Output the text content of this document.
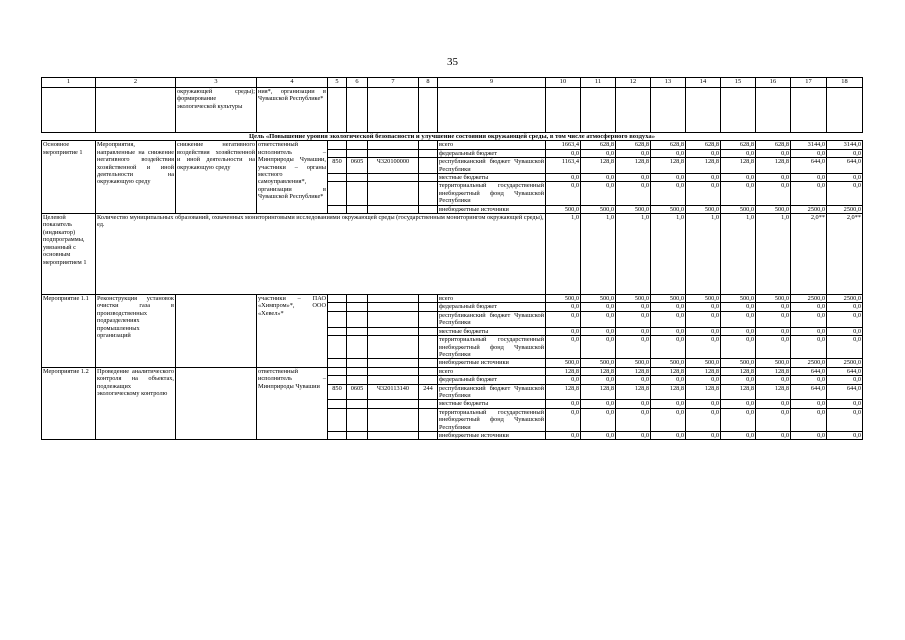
35
1	2	3	4	5	6	7	8	9	10	11	12	13	14	15	16	17	18
		окружающей среды); формирование экологической культуры	ния*, организации в Чувашской Республике*														
Цель «Повышение уровня экологической безопасности и улучшение состояния окружающей среды, в том числе атмосферного воздуха»																	
Основное мероприятие 1	Мероприятия, направленные на снижение негативного воздействия хозяйственной и иной деятельности на окружающую среду	снижение негативного воздействия хозяйственной и иной деятельности на окружающую среду	ответственный исполнитель – Минприроды Чувашии, участники – органы местного самоуправления*, организации в Чувашской Республике*					всего	1663,4	628,8	628,8	628,8	628,8	628,8	628,8	3144,0	3144,0
								федеральный бюджет	0,0	0,0	0,0	0,0	0,0	0,0	0,0	0,0	0,0
				850	0605	Ч320100000		республиканский бюджет Чувашской Республики	1163,4	128,8	128,8	128,8	128,8	128,8	128,8	644,0	644,0
								местные бюджеты	0,0	0,0	0,0	0,0	0,0	0,0	0,0	0,0	0,0
								территориальный государственный внебюджетный фонд Чувашской Республики	0,0	0,0	0,0	0,0	0,0	0,0	0,0	0,0	0,0
								внебюджетные источники	500,0	500,0	500,0	500,0	500,0	500,0	500,0	2500,0	2500,0
Целевой показатель (индикатор) подпрограммы, увязанный с основным мероприятием 1	Количество муниципальных образований, охваченных мониторинговыми исследованиями окружающей среды (государственным мониторингом окружающей среды), ед.								1,0	1,0	1,0	1,0	1,0	1,0	1,0	2,0**	2,0**
Мероприятие 1.1	Реконструкция установок очистки газа в производственных подразделениях промышленных организаций		участники – ПАО «Химпром»*, ООО «Хевел»*					всего	500,0	500,0	500,0	500,0	500,0	500,0	500,0	2500,0	2500,0
								федеральный бюджет	0,0	0,0	0,0	0,0	0,0	0,0	0,0	0,0	0,0
								республиканский бюджет Чувашской Республики	0,0	0,0	0,0	0,0	0,0	0,0	0,0	0,0	0,0
								местные бюджеты	0,0	0,0	0,0	0,0	0,0	0,0	0,0	0,0	0,0
								территориальный государственный внебюджетный фонд Чувашской Республики	0,0	0,0	0,0	0,0	0,0	0,0	0,0	0,0	0,0
								внебюджетные источники	500,0	500,0	500,0	500,0	500,0	500,0	500,0	2500,0	2500,0
Мероприятие 1.2	Проведение аналитического контроля на объектах, подлежащих экологическому контролю		ответственный исполнитель – Минприроды Чувашии					всего	128,8	128,8	128,8	128,8	128,8	128,8	128,8	644,0	644,0
								федеральный бюджет	0,0	0,0	0,0	0,0	0,0	0,0	0,0	0,0	0,0
				850	0605	Ч320113140	244	республиканский бюджет Чувашской Республики	128,8	128,8	128,8	128,8	128,8	128,8	128,8	644,0	644,0
								местные бюджеты	0,0	0,0	0,0	0,0	0,0	0,0	0,0	0,0	0,0
								территориальный государственный внебюджетный фонд Чувашской Республики	0,0	0,0	0,0	0,0	0,0	0,0	0,0	0,0	0,0
								внебюджетные источники	0,0	0,0	0,0	0,0	0,0	0,0	0,0	0,0	0,0
